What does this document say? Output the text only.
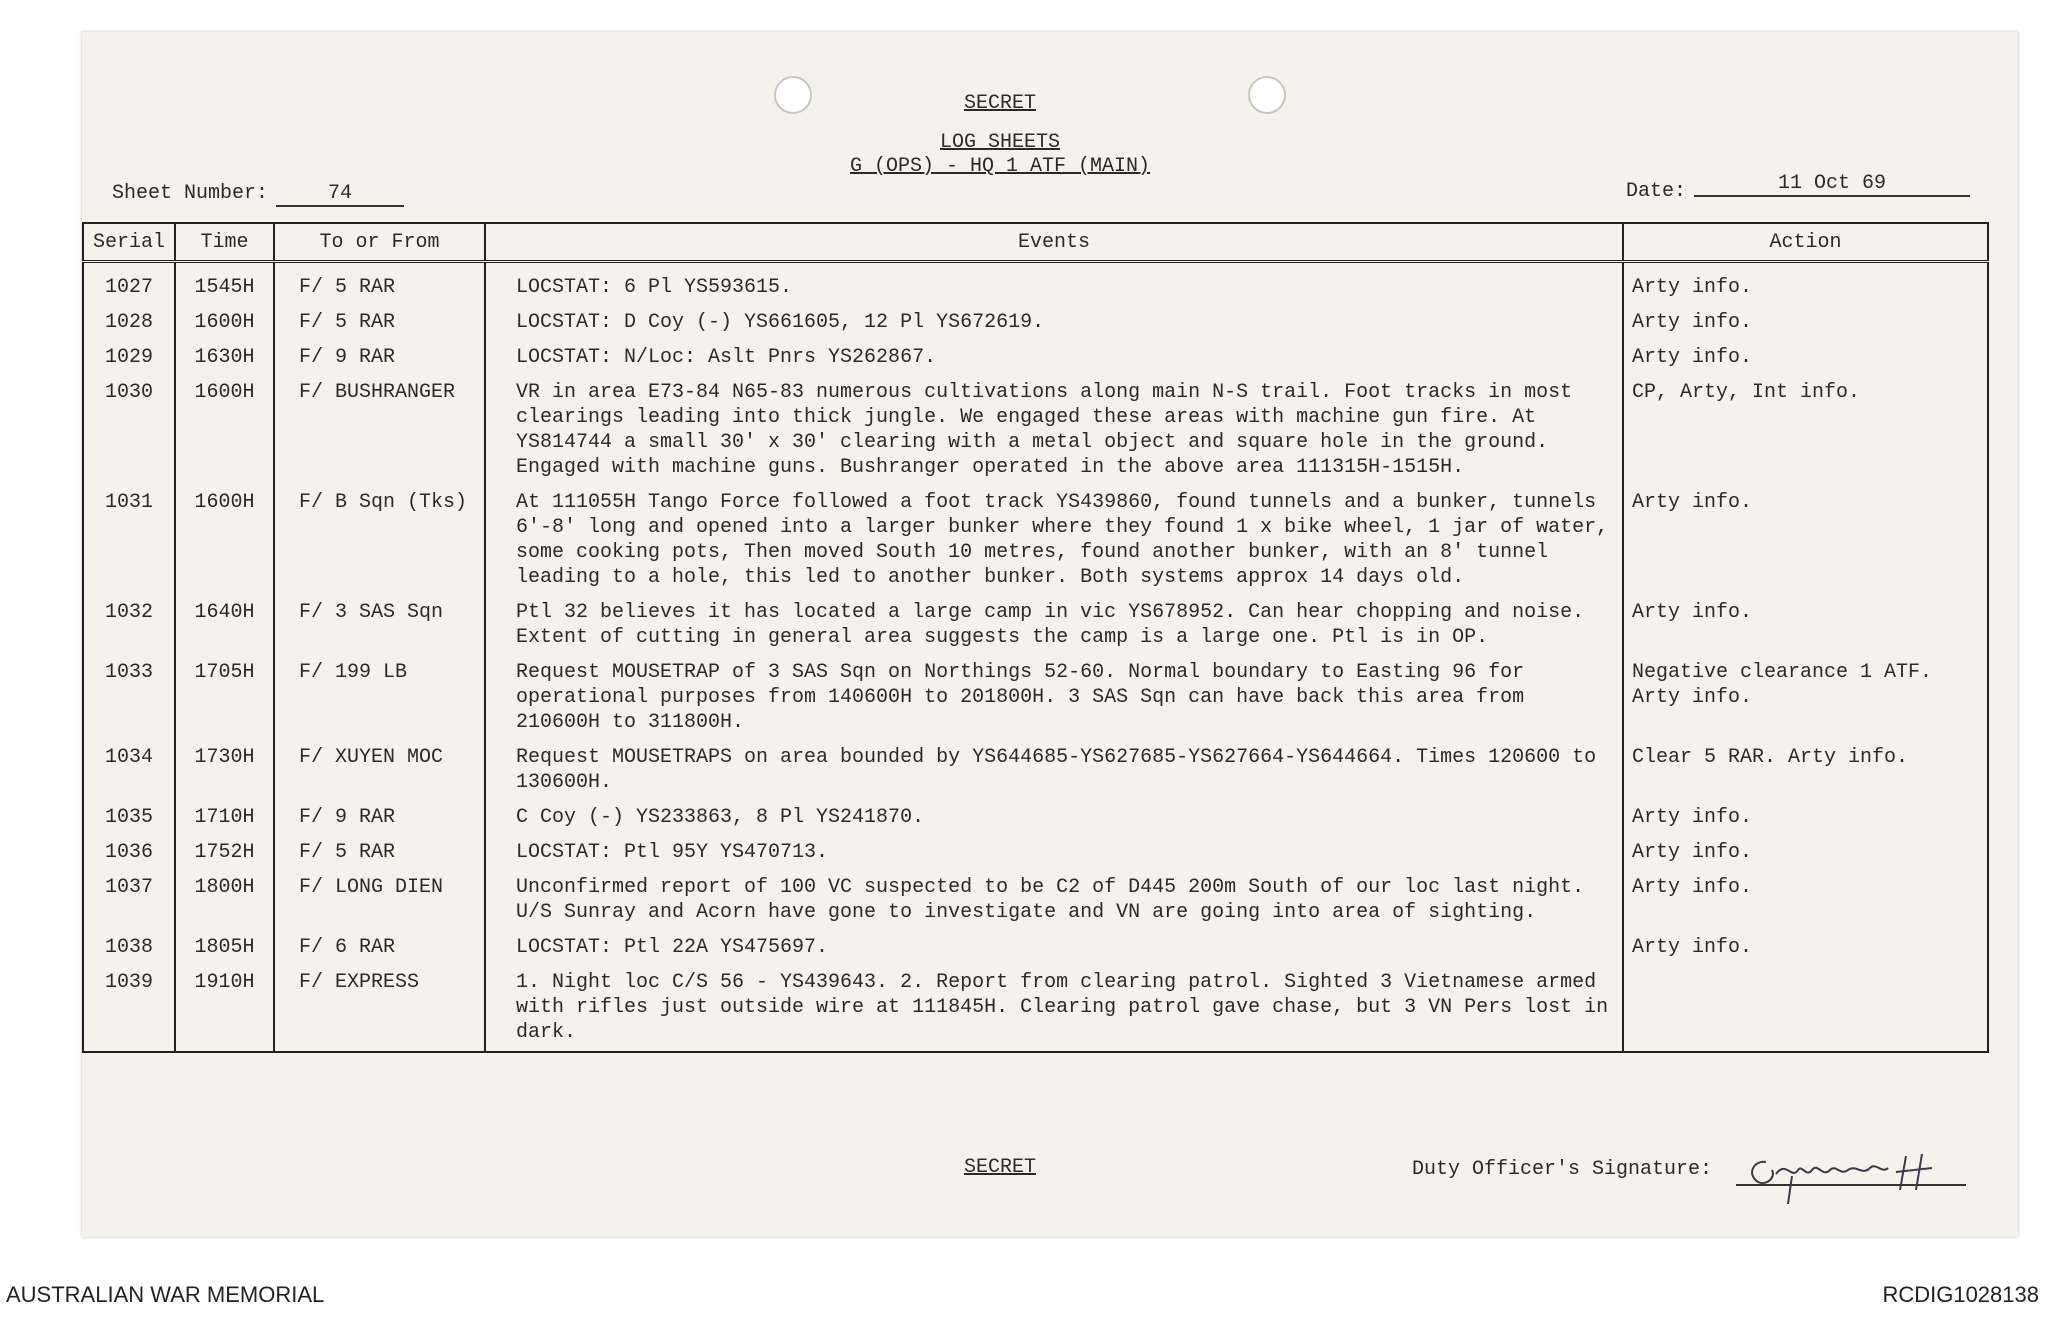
SECRET
LOG SHEETS
G (OPS) - HQ 1 ATF (MAIN)
Sheet Number:	74	Date:	11 Oct 69
Serial	Time	To or From	Events	Action
1027	1545H	F/ 5 RAR	LOCSTAT: 6 Pl YS593615.	Arty info.
1028	1600H	F/ 5 RAR	LOCSTAT: D Coy (-) YS661605, 12 Pl YS672619.	Arty info.
1029	1630H	F/ 9 RAR	LOCSTAT: N/Loc: Aslt Pnrs YS262867.	Arty info.
1030	1600H	F/ BUSHRANGER	VR in area E73-84 N65-83 numerous cultivations along main N-S trail. Foot tracks in most clearings leading into thick jungle. We engaged these areas with machine gun fire. At YS814744 a small 30' x 30' clearing with a metal object and square hole in the ground. Engaged with machine guns. Bushranger operated in the above area 111315H-1515H.	CP, Arty, Int info.
1031	1600H	F/ B Sqn (Tks)	At 111055H Tango Force followed a foot track YS439860, found tunnels and a bunker, tunnels 6'-8' long and opened into a larger bunker where they found 1 x bike wheel, 1 jar of water, some cooking pots, Then moved South 10 metres, found another bunker, with an 8' tunnel leading to a hole, this led to another bunker. Both systems approx 14 days old.	Arty info.
1032	1640H	F/ 3 SAS Sqn	Ptl 32 believes it has located a large camp in vic YS678952. Can hear chopping and noise. Extent of cutting in general area suggests the camp is a large one. Ptl is in OP.	Arty info.
1033	1705H	F/ 199 LB	Request MOUSETRAP of 3 SAS Sqn on Northings 52-60. Normal boundary to Easting 96 for operational purposes from 140600H to 201800H. 3 SAS Sqn can have back this area from 210600H to 311800H.	Negative clearance 1 ATF. Arty info.
1034	1730H	F/ XUYEN MOC	Request MOUSETRAPS on area bounded by YS644685-YS627685-YS627664-YS644664. Times 120600 to 130600H.	Clear 5 RAR. Arty info.
1035	1710H	F/ 9 RAR	C Coy (-) YS233863, 8 Pl YS241870.	Arty info.
1036	1752H	F/ 5 RAR	LOCSTAT: Ptl 95Y YS470713.	Arty info.
1037	1800H	F/ LONG DIEN	Unconfirmed report of 100 VC suspected to be C2 of D445 200m South of our loc last night. U/S Sunray and Acorn have gone to investigate and VN are going into area of sighting.	Arty info.
1038	1805H	F/ 6 RAR	LOCSTAT: Ptl 22A YS475697.	Arty info.
1039	1910H	F/ EXPRESS	1. Night loc C/S 56 - YS439643. 2. Report from clearing patrol. Sighted 3 Vietnamese armed with rifles just outside wire at 111845H. Clearing patrol gave chase, but 3 VN Pers lost in dark.	
SECRET	Duty Officer's Signature:
AUSTRALIAN WAR MEMORIAL	RCDIG1028138
